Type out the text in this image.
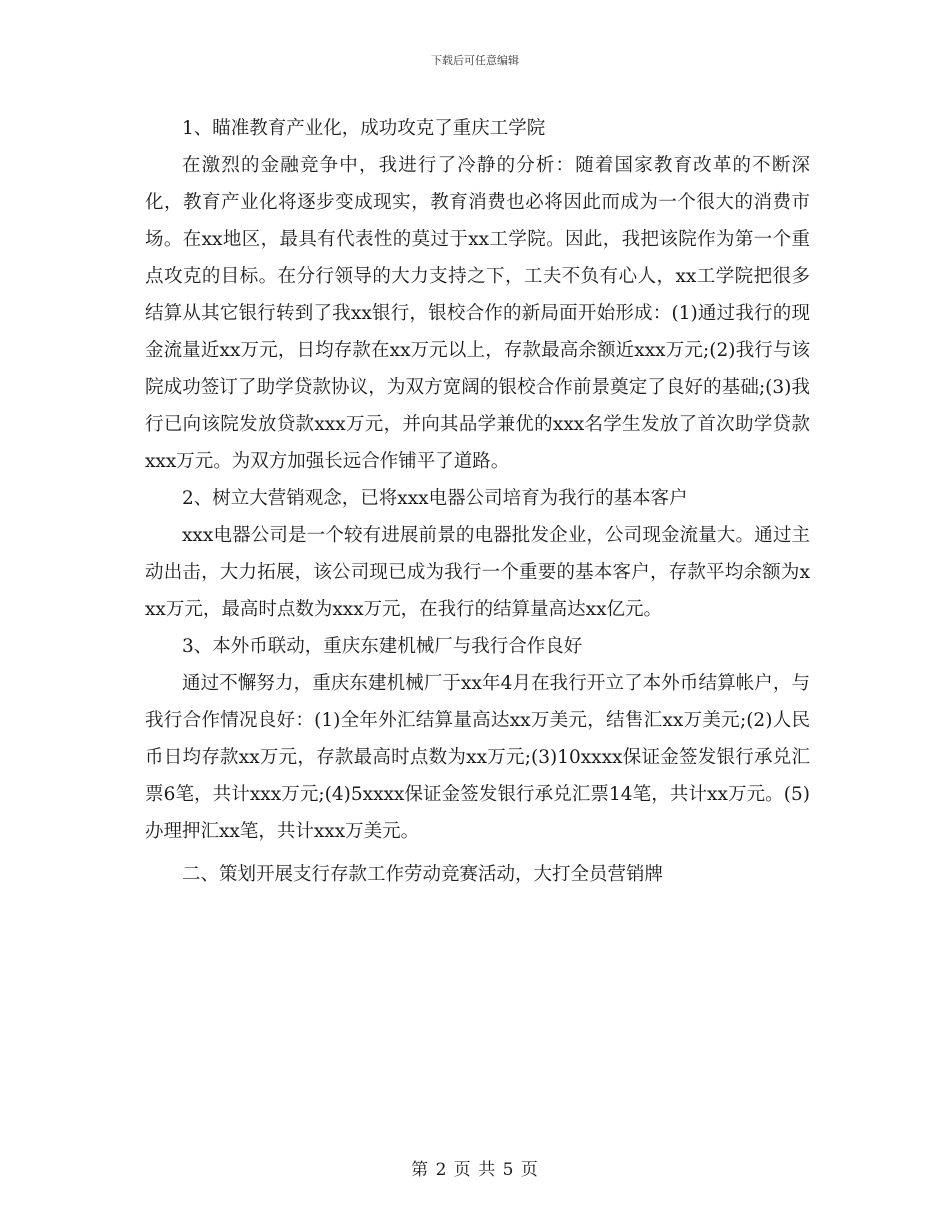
下载后可任意编辑

1、瞄准教育产业化，成功攻克了重庆工学院

在激烈的金融竞争中，我进行了冷静的分析：随着国家教育改革的不断深化，教育产业化将逐步变成现实，教育消费也必将因此而成为一个很大的消费市场。在xx地区，最具有代表性的莫过于xx工学院。因此，我把该院作为第一个重点攻克的目标。在分行领导的大力支持之下，工夫不负有心人，xx工学院把很多结算从其它银行转到了我xx银行，银校合作的新局面开始形成：(1)通过我行的现金流量近xx万元，日均存款在xx万元以上，存款最高余额近xxx万元;(2)我行与该院成功签订了助学贷款协议，为双方宽阔的银校合作前景奠定了良好的基础;(3)我行已向该院发放贷款xxx万元，并向其品学兼优的xxx名学生发放了首次助学贷款xxx万元。为双方加强长远合作铺平了道路。

2、树立大营销观念，已将xxx电器公司培育为我行的基本客户

xxx电器公司是一个较有进展前景的电器批发企业，公司现金流量大。通过主动出击，大力拓展，该公司现已成为我行一个重要的基本客户，存款平均余额为xxx万元，最高时点数为xxx万元，在我行的结算量高达xx亿元。

3、本外币联动，重庆东建机械厂与我行合作良好

通过不懈努力，重庆东建机械厂于xx年4月在我行开立了本外币结算帐户，与我行合作情况良好：(1)全年外汇结算量高达xx万美元，结售汇xx万美元;(2)人民币日均存款xx万元，存款最高时点数为xx万元;(3)10xxxx保证金签发银行承兑汇票6笔，共计xxx万元;(4)5xxxx保证金签发银行承兑汇票14笔，共计xx万元。(5)办理押汇xx笔，共计xxx万美元。

二、策划开展支行存款工作劳动竞赛活动，大打全员营销牌

第 2 页 共 5 页
